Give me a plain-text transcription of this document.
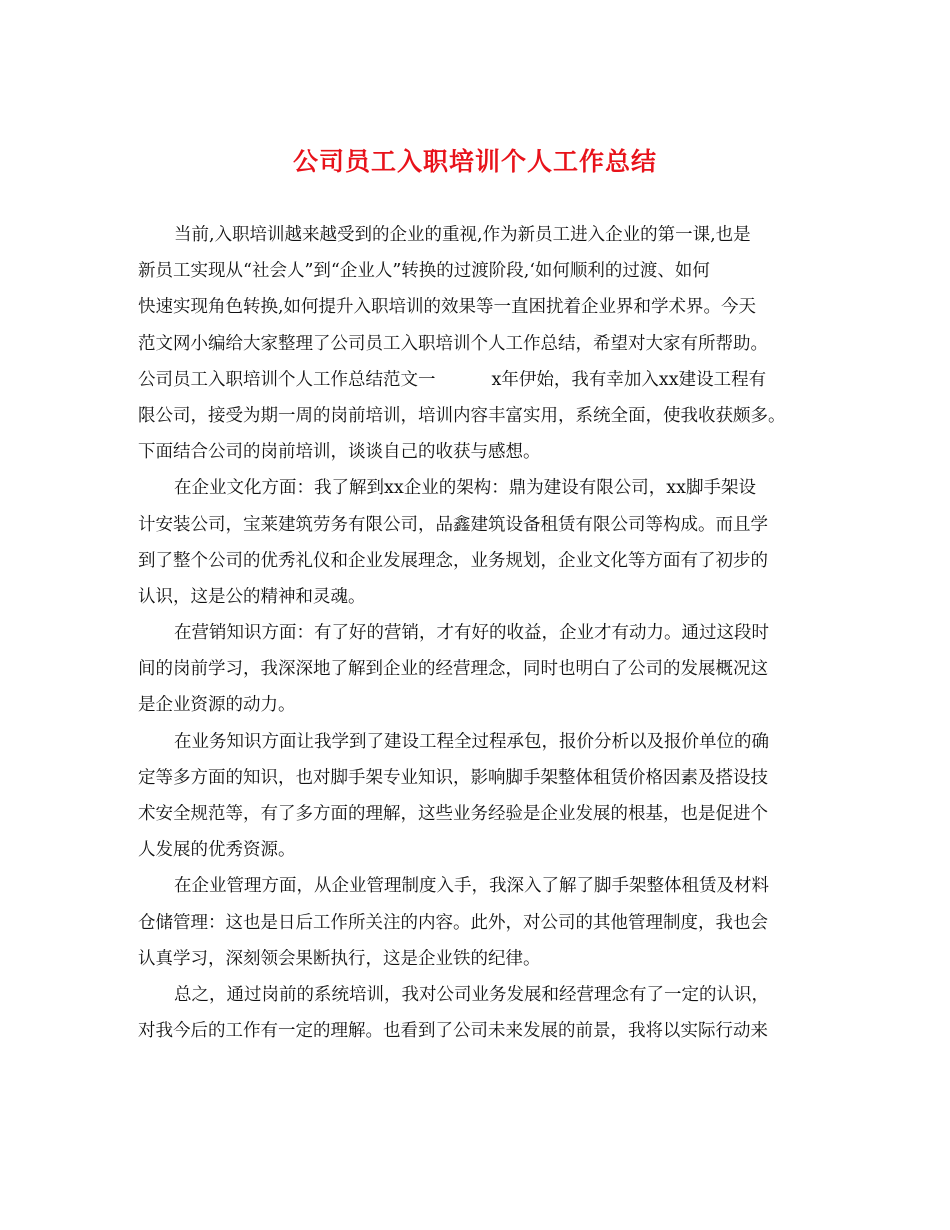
公司员工入职培训个人工作总结
当前,入职培训越来越受到的企业的重视,作为新员工进入企业的第一课,也是
新员工实现从“社会人”到“企业人”转换的过渡阶段,‘如何顺利的过渡、如何
快速实现角色转换,如何提升入职培训的效果等一直困扰着企业界和学术界。今天
范文网小编给大家整理了公司员工入职培训个人工作总结，希望对大家有所帮助。
公司员工入职培训个人工作总结范文一	x年伊始，我有幸加入xx建设工程有
限公司，接受为期一周的岗前培训，培训内容丰富实用，系统全面，使我收获颇多。
下面结合公司的岗前培训，谈谈自己的收获与感想。
在企业文化方面：我了解到xx企业的架构：鼎为建设有限公司，xx脚手架设
计安装公司，宝莱建筑劳务有限公司，品鑫建筑设备租赁有限公司等构成。而且学
到了整个公司的优秀礼仪和企业发展理念，业务规划，企业文化等方面有了初步的
认识，这是公的精神和灵魂。
在营销知识方面：有了好的营销，才有好的收益，企业才有动力。通过这段时
间的岗前学习，我深深地了解到企业的经营理念，同时也明白了公司的发展概况这
是企业资源的动力。
在业务知识方面让我学到了建设工程全过程承包，报价分析以及报价单位的确
定等多方面的知识，也对脚手架专业知识，影响脚手架整体租赁价格因素及搭设技
术安全规范等，有了多方面的理解，这些业务经验是企业发展的根基，也是促进个
人发展的优秀资源。
在企业管理方面，从企业管理制度入手，我深入了解了脚手架整体租赁及材料
仓储管理：这也是日后工作所关注的内容。此外，对公司的其他管理制度，我也会
认真学习，深刻领会果断执行，这是企业铁的纪律。
总之，通过岗前的系统培训，我对公司业务发展和经营理念有了一定的认识，
对我今后的工作有一定的理解。也看到了公司未来发展的前景，我将以实际行动来
